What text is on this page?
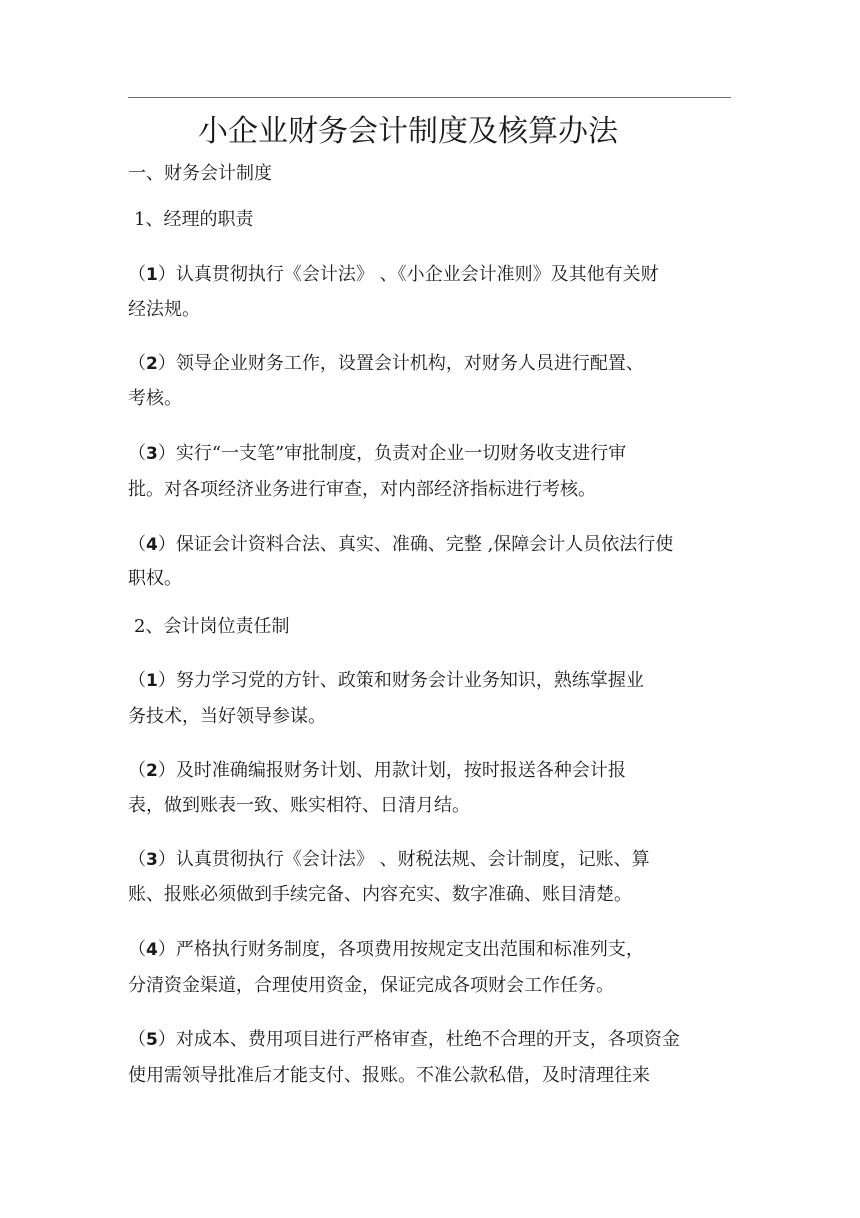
小企业财务会计制度及核算办法
一、财务会计制度
1、经理的职责
（1）认真贯彻执行《会计法》 、《小企业会计准则》及其他有关财
经法规。
（2）领导企业财务工作，设置会计机构，对财务人员进行配置、
考核。
（3）实行“一支笔”审批制度，负责对企业一切财务收支进行审
批。对各项经济业务进行审查，对内部经济指标进行考核。
（4）保证会计资料合法、真实、准确、完整 ,保障会计人员依法行使
职权。
2、会计岗位责任制
（1）努力学习党的方针、政策和财务会计业务知识，熟练掌握业
务技术，当好领导参谋。
（2）及时准确编报财务计划、用款计划，按时报送各种会计报
表，做到账表一致、账实相符、日清月结。
（3）认真贯彻执行《会计法》 、财税法规、会计制度，记账、算
账、报账必须做到手续完备、内容充实、数字准确、账目清楚。
（4）严格执行财务制度，各项费用按规定支出范围和标准列支，
分清资金渠道，合理使用资金，保证完成各项财会工作任务。
（5）对成本、费用项目进行严格审查，杜绝不合理的开支，各项资金
使用需领导批准后才能支付、报账。不准公款私借，及时清理往来
